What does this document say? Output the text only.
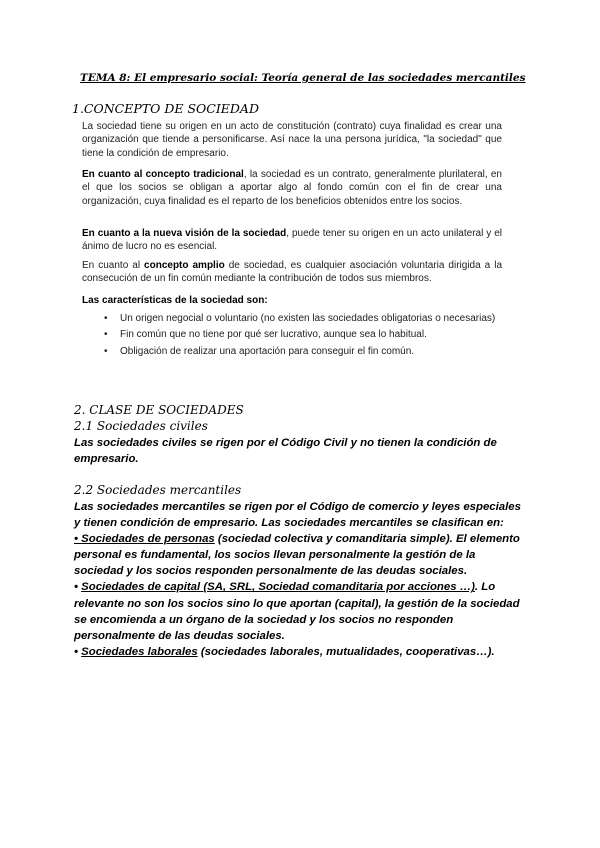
TEMA 8: El empresario social: Teoría general de las sociedades mercantiles
1.CONCEPTO DE SOCIEDAD

La sociedad tiene su origen en un acto de constitución (contrato) cuya finalidad es crear una organización que tiende a personificarse. Así nace la una persona jurídica, "la sociedad" que tiene la condición de empresario.

En cuanto al concepto tradicional, la sociedad es un contrato, generalmente plurilateral, en el que los socios se obligan a aportar algo al fondo común con el fin de crear una organización, cuya finalidad es el reparto de los beneficios obtenidos entre los socios.

En cuanto a la nueva visión de la sociedad, puede tener su origen en un acto unilateral y el ánimo de lucro no es esencial.

En cuanto al concepto amplio de sociedad, es cualquier asociación voluntaria dirigida a la consecución de un fin común mediante la contribución de todos sus miembros.

Las características de la sociedad son:

• Un origen negocial o voluntario (no existen las sociedades obligatorias o necesarias)
• Fin común que no tiene por qué ser lucrativo, aunque sea lo habitual.
• Obligación de realizar una aportación para conseguir el fin común.
2. CLASE DE SOCIEDADES
2.1 Sociedades civiles

Las sociedades civiles se rigen por el Código Civil y no tienen la condición de empresario.

2.2 Sociedades mercantiles
Las sociedades mercantiles se rigen por el Código de comercio y leyes especiales y tienen condición de empresario. Las sociedades mercantiles se clasifican en:
• Sociedades de personas (sociedad colectiva y comanditaria simple). El elemento personal es fundamental, los socios llevan personalmente la gestión de la sociedad y los socios responden personalmente de las deudas sociales.
• Sociedades de capital (SA, SRL, Sociedad comanditaria por acciones …). Lo relevante no son los socios sino lo que aportan (capital), la gestión de la sociedad se encomienda a un órgano de la sociedad y los socios no responden personalmente de las deudas sociales.
• Sociedades laborales (sociedades laborales, mutualidades, cooperativas…).
